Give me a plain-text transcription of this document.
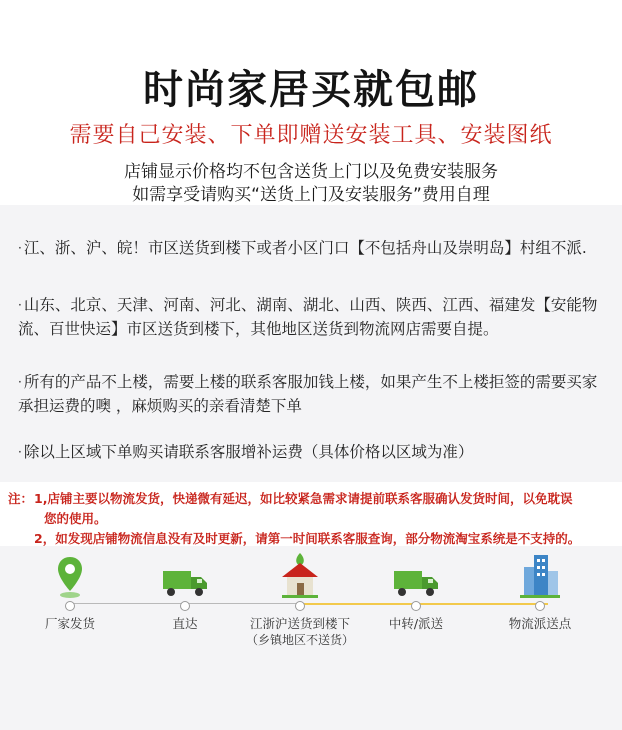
时尚家居买就包邮
需要自己安装、下单即赠送安装工具、安装图纸
店铺显示价格均不包含送货上门以及免费安装服务
如需享受请购买“送货上门及安装服务”费用自理
· 江、浙、沪、皖！市区送货到楼下或者小区门口【不包括舟山及崇明岛】村组不派.
· 山东、北京、天津、河南、河北、湖南、湖北、山西、陕西、江西、福建发【安能物流、百世快运】市区送货到楼下，其他地区送货到物流网店需要自提。
· 所有的产品不上楼，需要上楼的联系客服加钱上楼，如果产生不上楼拒签的需要买家承担运费的噢 ，麻烦购买的亲看清楚下单
· 除以上区域下单购买请联系客服增补运费（具体价格以区域为准）
注： 1,店铺主要以物流发货，快递微有延迟，如比较紧急需求请提前联系客服确认发货时间，以免耽误
您的使用。
2，如发现店铺物流信息没有及时更新，请第一时间联系客服查询，部分物流淘宝系统是不支持的。
厂家发货	直达	江浙沪送货到楼下
（乡镇地区不送货）
中转/派送	物流派送点
